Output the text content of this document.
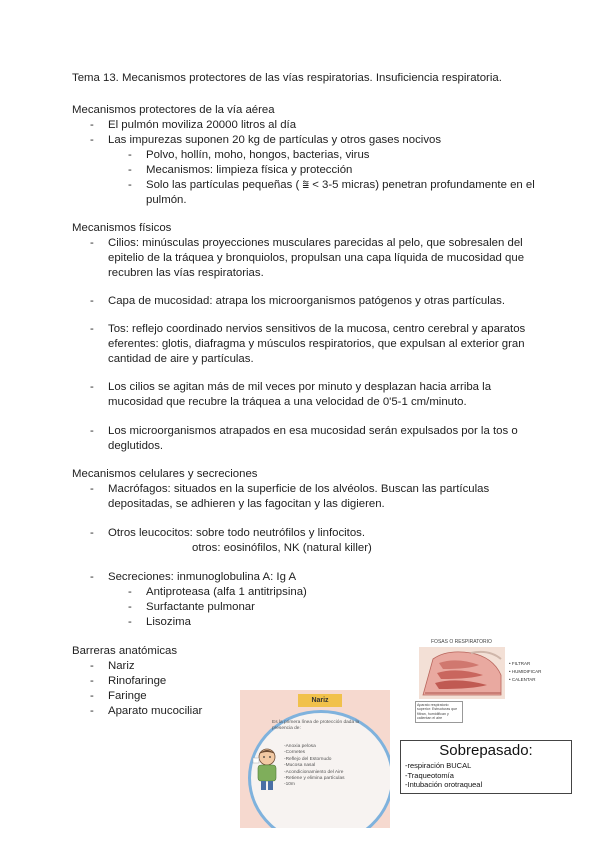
Tema 13. Mecanismos protectores de las vías respiratorias. Insuficiencia respiratoria.
Mecanismos protectores de la vía aérea
- El pulmón moviliza 20000 litros al día
- Las impurezas suponen 20 kg de partículas y otros gases nocivos
- Polvo, hollín, moho, hongos, bacterias, virus
- Mecanismos: limpieza física y protección
- Solo las partículas pequeñas ( ⩰ < 3-5 micras) penetran profundamente en el
pulmón.
Mecanismos físicos
- Cilios: minúsculas proyecciones musculares parecidas al pelo, que sobresalen del
epitelio de la tráquea y bronquiolos, propulsan una capa líquida de mucosidad que
recubren las vías respiratorias.
- Capa de mucosidad: atrapa los microorganismos patógenos y otras partículas.
- Tos: reflejo coordinado nervios sensitivos de la mucosa, centro cerebral y aparatos
eferentes: glotis, diafragma y músculos respiratorios, que expulsan al exterior gran
cantidad de aire y partículas.
- Los cilios se agitan más de mil veces por minuto y desplazan hacia arriba la
mucosidad que recubre la tráquea a una velocidad de 0'5-1 cm/minuto.
- Los microorganismos atrapados en esa mucosidad serán expulsados por la tos o
deglutidos.
Mecanismos celulares y secreciones
- Macrófagos: situados en la superficie de los alvéolos. Buscan las partículas
depositadas, se adhieren y las fagocitan y las digieren.
- Otros leucocitos: sobre todo neutrófilos y linfocitos.
otros: eosinófilos, NK (natural killer)
- Secreciones: inmunoglobulina A: Ig A
- Antiproteasa (alfa 1 antitripsina)
- Surfactante pulmonar
- Lisozima
Barreras anatómicas
- Nariz
- Rinofaringe
- Faringe
- Aparato mucociliar
FOSAS O RESPIRATORIO
• FILTRAR
• HUMIDIFICAR
• CALENTAR
Aparato respiratorio superior: Estructuras que filtran, humidifican y calientan el aire
Nariz
Es la primera línea de protección dada la presencia de:
-Anoxia pelosa
-Cornetes
-Reflejo del Estornudo
-Mucosa nasal
-Acondicionamiento del Aire
-Retiene y elimina partículas
-10m
Sobrepasado:
-respiración BUCAL
-Traqueotomía
-Intubación orotraqueal
